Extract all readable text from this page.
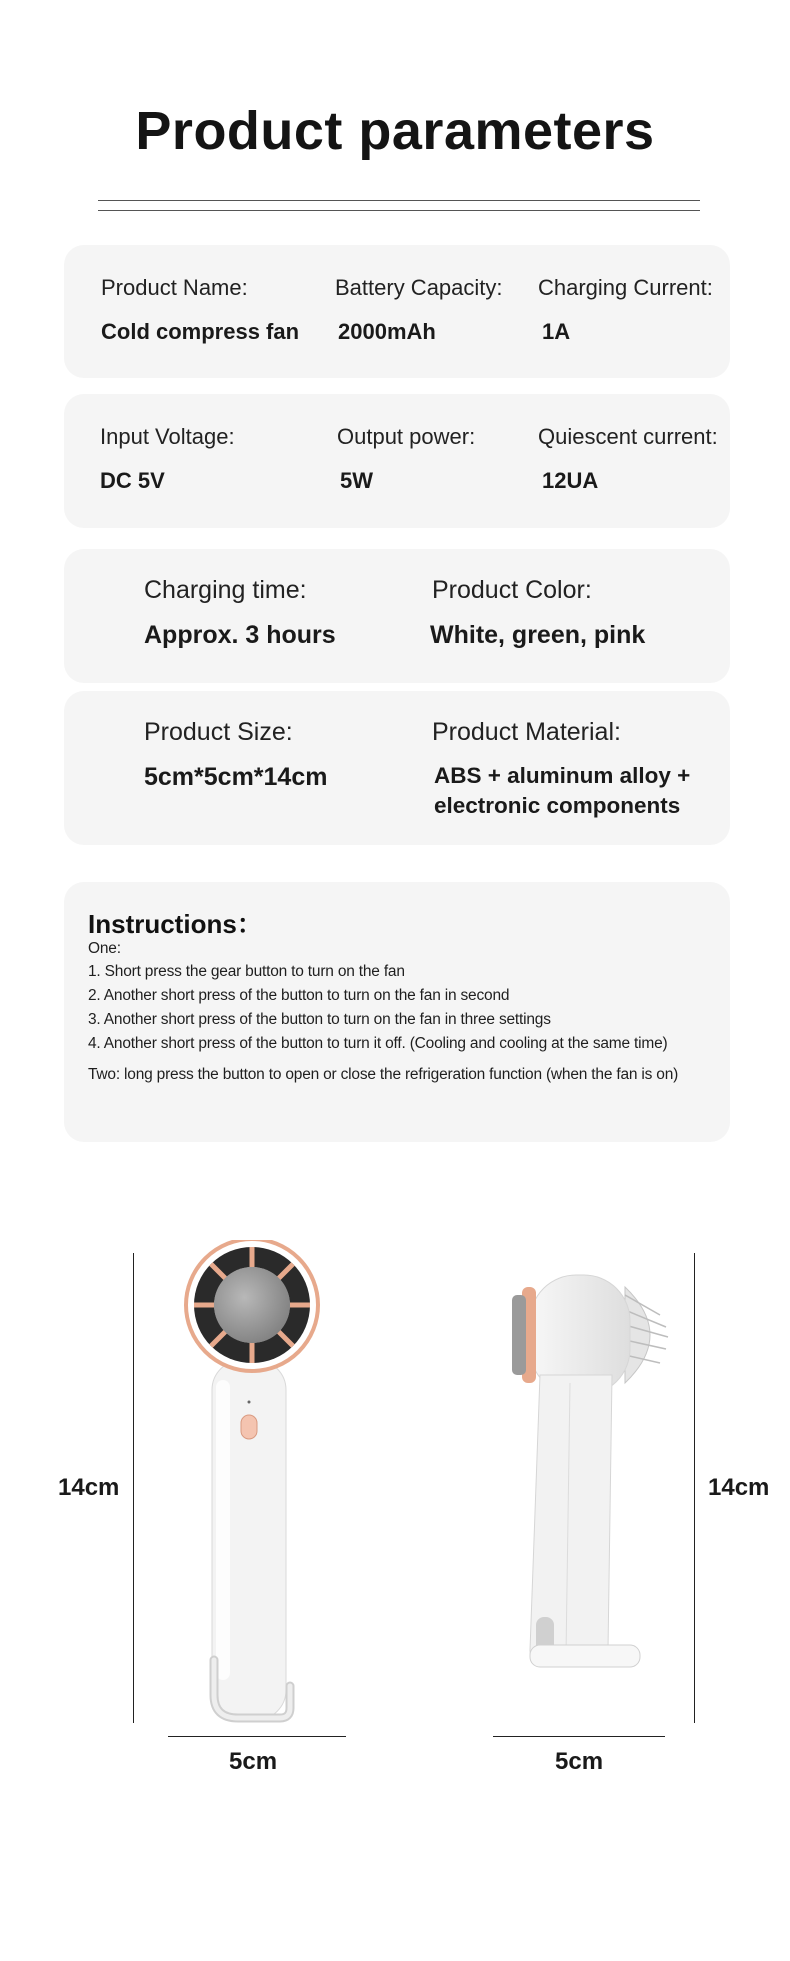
Product parameters
Product Name:
Cold compress fan
Battery Capacity:
2000mAh
Charging Current:
1A
Input Voltage:
DC 5V
Output power:
5W
Quiescent current:
12UA
Charging time:
Approx. 3 hours
Product Color:
White, green, pink
Product Size:
5cm*5cm*14cm
Product Material:
ABS + aluminum alloy + electronic components
Instructions：
One:
1. Short press the gear button to turn on the fan
2. Another short press of the button to turn on the fan in second
3. Another short press of the button to turn on the fan in three settings
4. Another short press of the button to turn it off. (Cooling and cooling at the same time)
Two: long press the button to open or close the refrigeration function (when the fan is on)
14cm
5cm
14cm
5cm
